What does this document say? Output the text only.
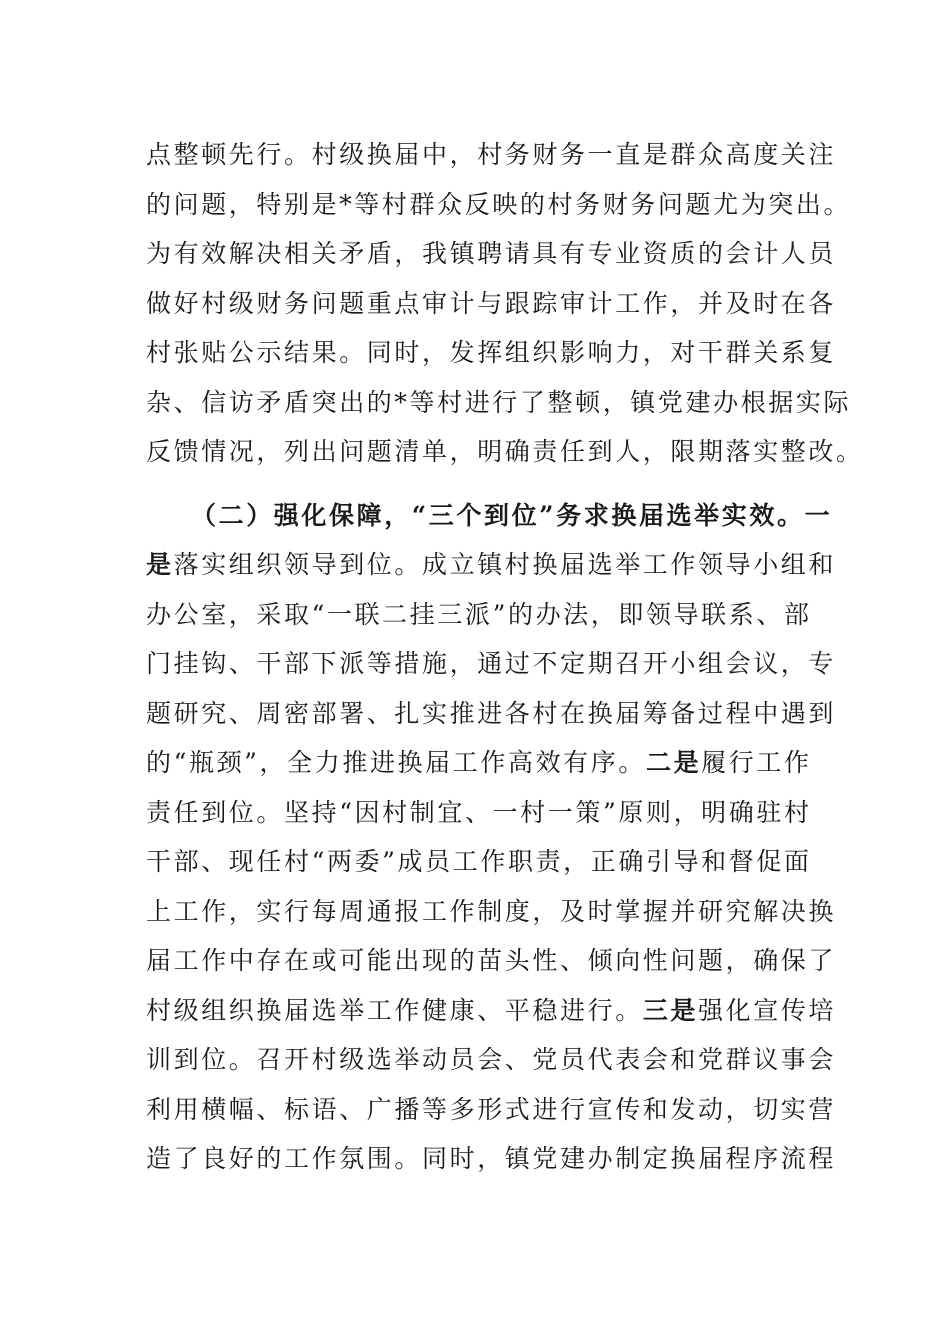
点整顿先行。村级换届中，村务财务一直是群众高度关注
的问题，特别是*等村群众反映的村务财务问题尤为突出。
为有效解决相关矛盾，我镇聘请具有专业资质的会计人员
做好村级财务问题重点审计与跟踪审计工作，并及时在各
村张贴公示结果。同时，发挥组织影响力，对干群关系复
杂、信访矛盾突出的*等村进行了整顿，镇党建办根据实际
反馈情况，列出问题清单，明确责任到人，限期落实整改。
（二）强化保障，“三个到位”务求换届选举实效。一
是落实组织领导到位。成立镇村换届选举工作领导小组和
办公室，采取“一联二挂三派”的办法，即领导联系、部
门挂钩、干部下派等措施，通过不定期召开小组会议，专
题研究、周密部署、扎实推进各村在换届筹备过程中遇到
的“瓶颈”，全力推进换届工作高效有序。二是履行工作
责任到位。坚持“因村制宜、一村一策”原则，明确驻村
干部、现任村“两委”成员工作职责，正确引导和督促面
上工作，实行每周通报工作制度，及时掌握并研究解决换
届工作中存在或可能出现的苗头性、倾向性问题，确保了
村级组织换届选举工作健康、平稳进行。三是强化宣传培
训到位。召开村级选举动员会、党员代表会和党群议事会
利用横幅、标语、广播等多形式进行宣传和发动，切实营
造了良好的工作氛围。同时，镇党建办制定换届程序流程
